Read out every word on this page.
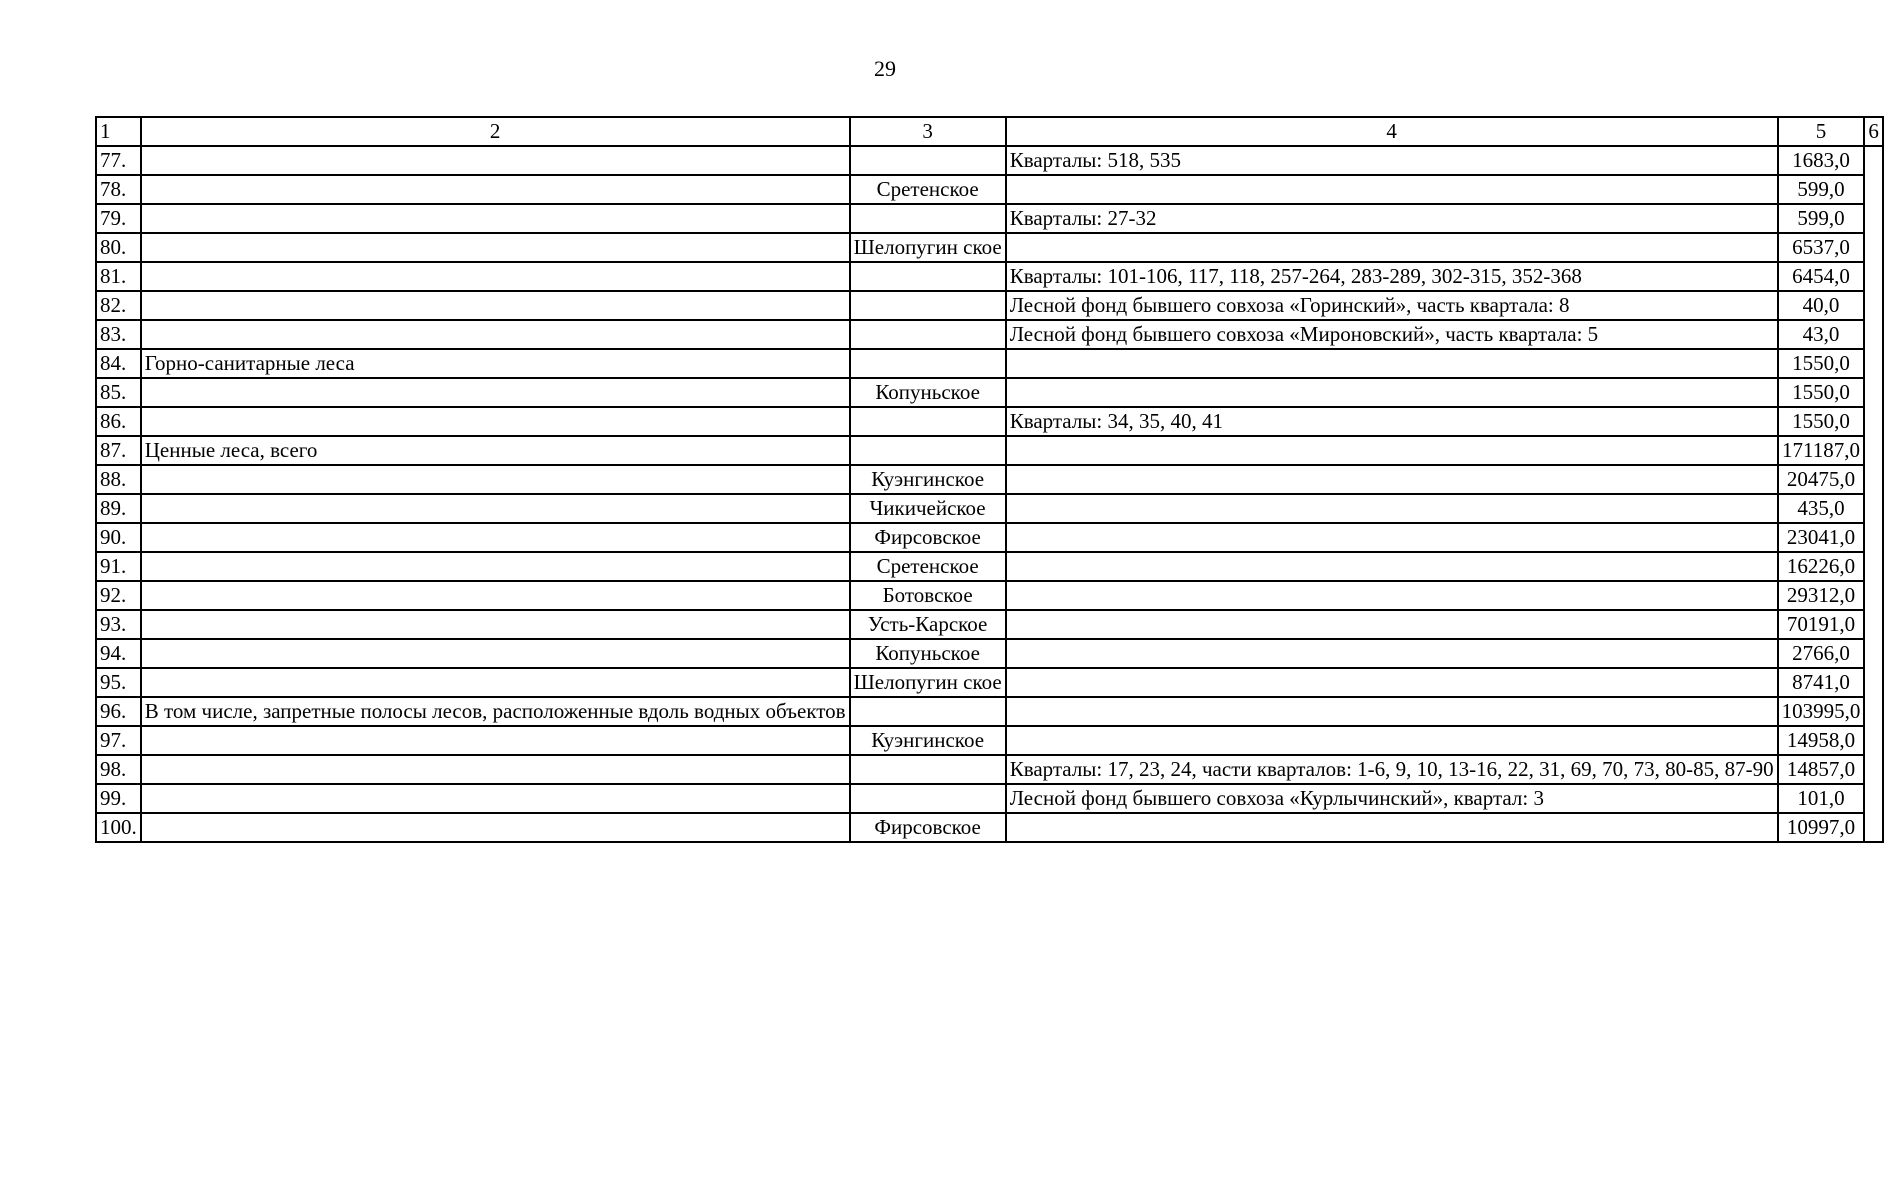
29
1	2	3	4	5	6
77.			Кварталы: 518, 535	1683,0	
78.		Сретенское		599,0	
79.			Кварталы: 27-32	599,0	
80.		Шелопугин ское		6537,0	
81.			Кварталы: 101-106, 117, 118, 257-264, 283-289, 302-315, 352-368	6454,0	
82.			Лесной фонд бывшего совхоза «Горинский», часть квартала: 8	40,0	
83.			Лесной фонд бывшего совхоза «Мироновский», часть квартала: 5	43,0	
84.	Горно-санитарные леса			1550,0	
85.		Копуньское		1550,0	
86.			Кварталы: 34, 35, 40, 41	1550,0	
87.	Ценные леса, всего			171187,0	
88.		Куэнгинское		20475,0	
89.		Чикичейское		435,0	
90.		Фирсовское		23041,0	
91.		Сретенское		16226,0	
92.		Ботовское		29312,0	
93.		Усть-Карское		70191,0	
94.		Копуньское		2766,0	
95.		Шелопугин ское		8741,0	
96.	В том числе, запретные полосы лесов, расположенные вдоль водных объектов			103995,0	
97.		Куэнгинское		14958,0	
98.			Кварталы: 17, 23, 24, части кварталов: 1-6, 9, 10, 13-16, 22, 31, 69, 70, 73, 80-85, 87-90	14857,0	
99.			Лесной фонд бывшего совхоза «Курлычинский», квартал: 3	101,0	
100.		Фирсовское		10997,0	
